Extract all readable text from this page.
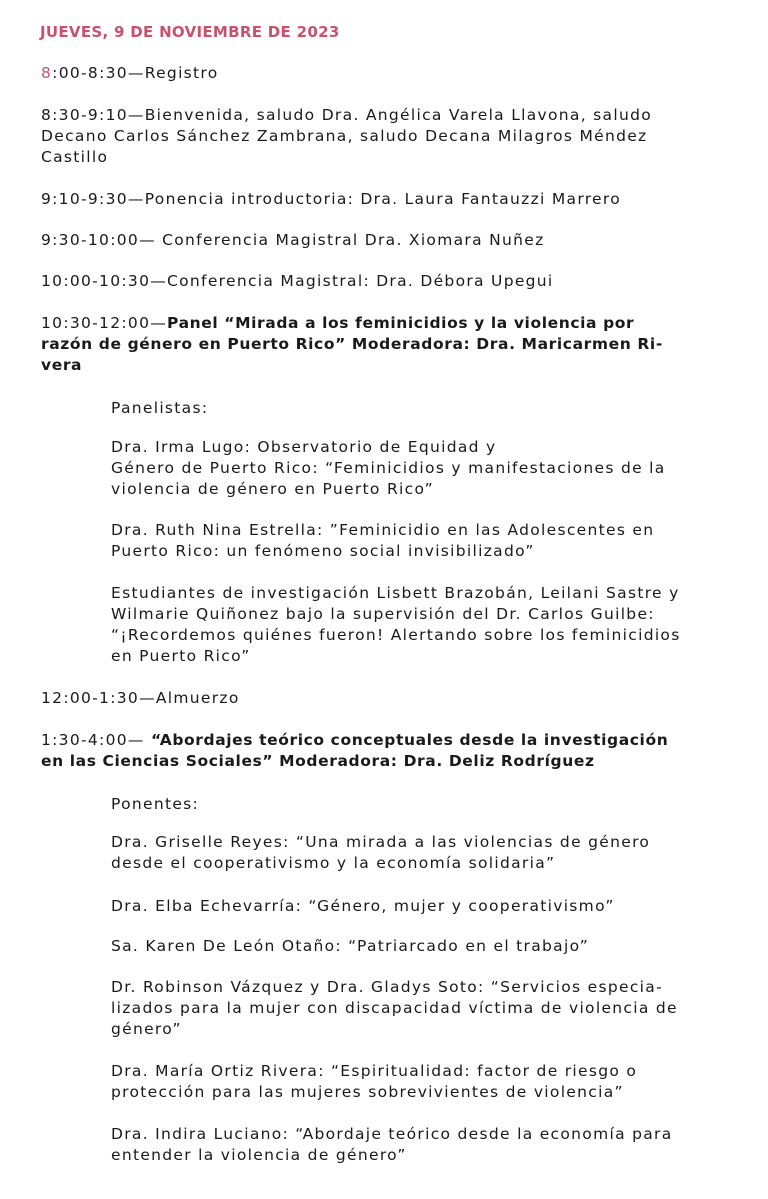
JUEVES, 9 DE NOVIEMBRE DE 2023
8:00-8:30—Registro
8:30-9:10—Bienvenida, saludo Dra. Angélica Varela Llavona, saludo
Decano Carlos Sánchez Zambrana, saludo Decana Milagros Méndez
Castillo
9:10-9:30—Ponencia introductoria: Dra. Laura Fantauzzi Marrero
9:30-10:00— Conferencia Magistral Dra. Xiomara Nuñez
10:00-10:30—Conferencia Magistral: Dra. Débora Upegui
10:30-12:00—Panel “Mirada a los feminicidios y la violencia por
razón de género en Puerto Rico” Moderadora: Dra. Maricarmen Ri-
vera
Panelistas:
Dra. Irma Lugo: Observatorio de Equidad y
Género de Puerto Rico: “Feminicidios y manifestaciones de la
violencia de género en Puerto Rico”
Dra. Ruth Nina Estrella: ”Feminicidio en las Adolescentes en
Puerto Rico: un fenómeno social invisibilizado”
Estudiantes de investigación Lisbett Brazobán, Leilani Sastre y
Wilmarie Quiñonez bajo la supervisión del Dr. Carlos Guilbe:
“¡Recordemos quiénes fueron! Alertando sobre los feminicidios
en Puerto Rico”
12:00-1:30—Almuerzo
1:30-4:00— “Abordajes teórico conceptuales desde la investigación
en las Ciencias Sociales” Moderadora: Dra. Deliz Rodríguez
Ponentes:
Dra. Griselle Reyes: “Una mirada a las violencias de género
desde el cooperativismo y la economía solidaria”
Dra. Elba Echevarría: “Género, mujer y cooperativismo”
Sa. Karen De León Otaño: “Patriarcado en el trabajo”
Dr. Robinson Vázquez y Dra. Gladys Soto: “Servicios especia-
lizados para la mujer con discapacidad víctima de violencia de
género”
Dra. María Ortiz Rivera: “Espiritualidad: factor de riesgo o
protección para las mujeres sobrevivientes de violencia”
Dra. Indira Luciano: “Abordaje teórico desde la economía para
entender la violencia de género”
